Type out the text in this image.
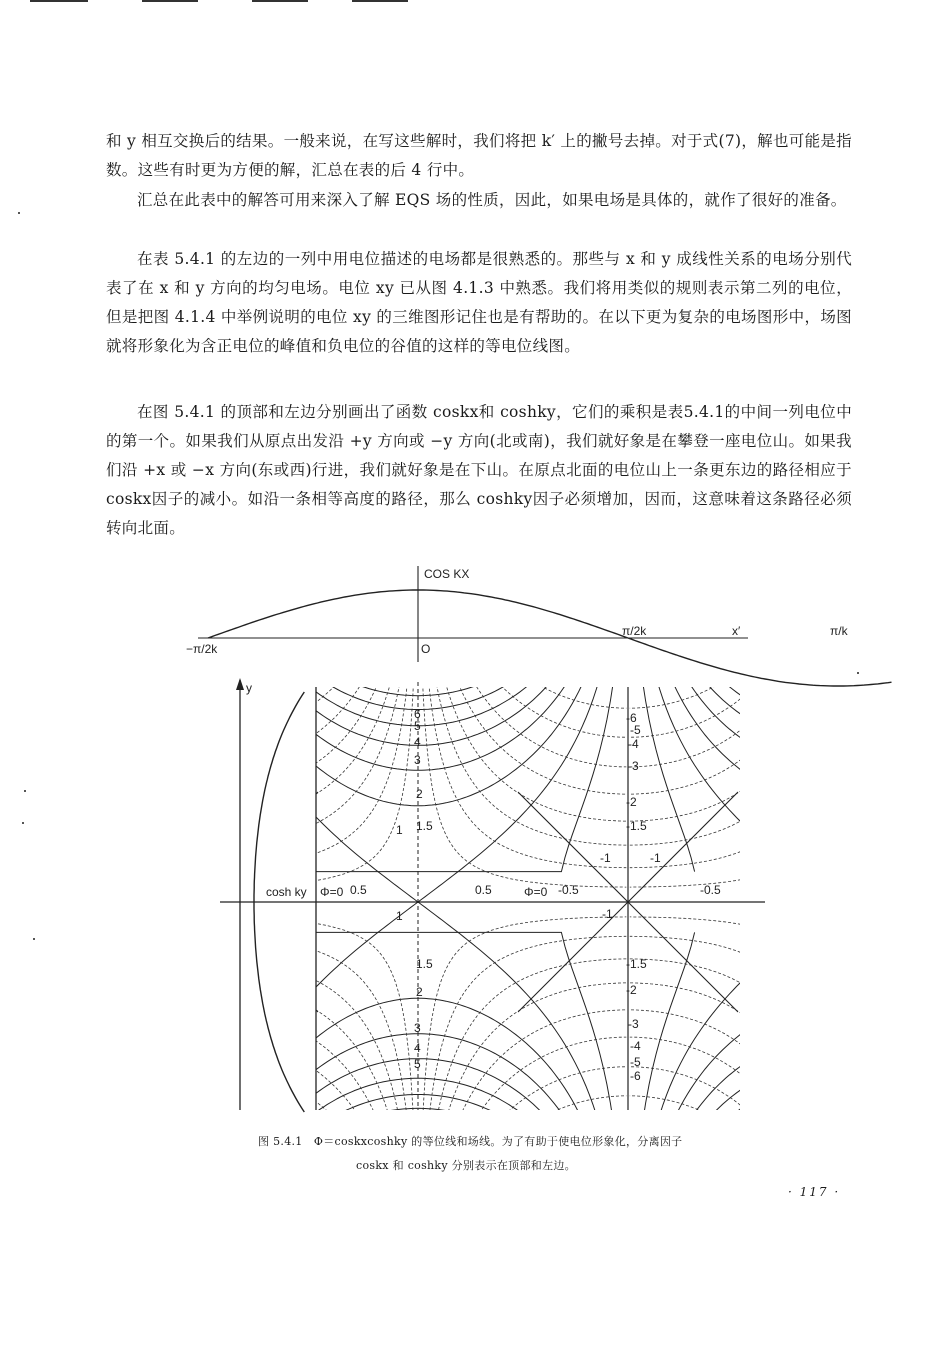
和 y 相互交换后的结果。一般来说，在写这些解时，我们将把 k′ 上的撇号去掉。对于式(7)，解也可能是指数。这些有时更为方便的解，汇总在表的后 4 行中。

汇总在此表中的解答可用来深入了解 EQS 场的性质，因此，如果电场是具体的，就作了很好的准备。

在表 5.4.1 的左边的一列中用电位描述的电场都是很熟悉的。那些与 x 和 y 成线性关系的电场分别代表了在 x 和 y 方向的均匀电场。电位 xy 已从图 4.1.3 中熟悉。我们将用类似的规则表示第二列的电位，但是把图 4.1.4 中举例说明的电位 xy 的三维图形记住也是有帮助的。在以下更为复杂的电场图形中，场图就将形象化为含正电位的峰值和负电位的谷值的这样的等电位线图。

在图 5.4.1 的顶部和左边分别画出了函数 coskx和 coshky，它们的乘积是表5.4.1的中间一列电位中的第一个。如果我们从原点出发沿 +y 方向或 −y 方向(北或南)，我们就好象是在攀登一座电位山。如果我们沿 +x 或 −x 方向(东或西)行进，我们就好象是在下山。在原点北面的电位山上一条更东边的路径相应于 coskx因子的减小。如沿一条相等高度的路径，那么 coshky因子必须增加，因而，这意味着这条路径必须转向北面。

COS KX
−π/2k	O
π/2k	π/k
x′
y
cosh ky Φ=0	Φ=0
0.5	0.5
1
1
1.5
1.5
2
2
3
3
4
4
5
5
6
-0.5	-0.5
-1	-1
-1
-1.5
-1.5
-2
-2
-3
-3
-4
-4
-5
-5
-6
-6

图 5.4.1　Φ＝coskxcoshky 的等位线和场线。为了有助于使电位形象化，分离因子

coskx 和 coshky 分别表示在顶部和左边。

· 117 ·
